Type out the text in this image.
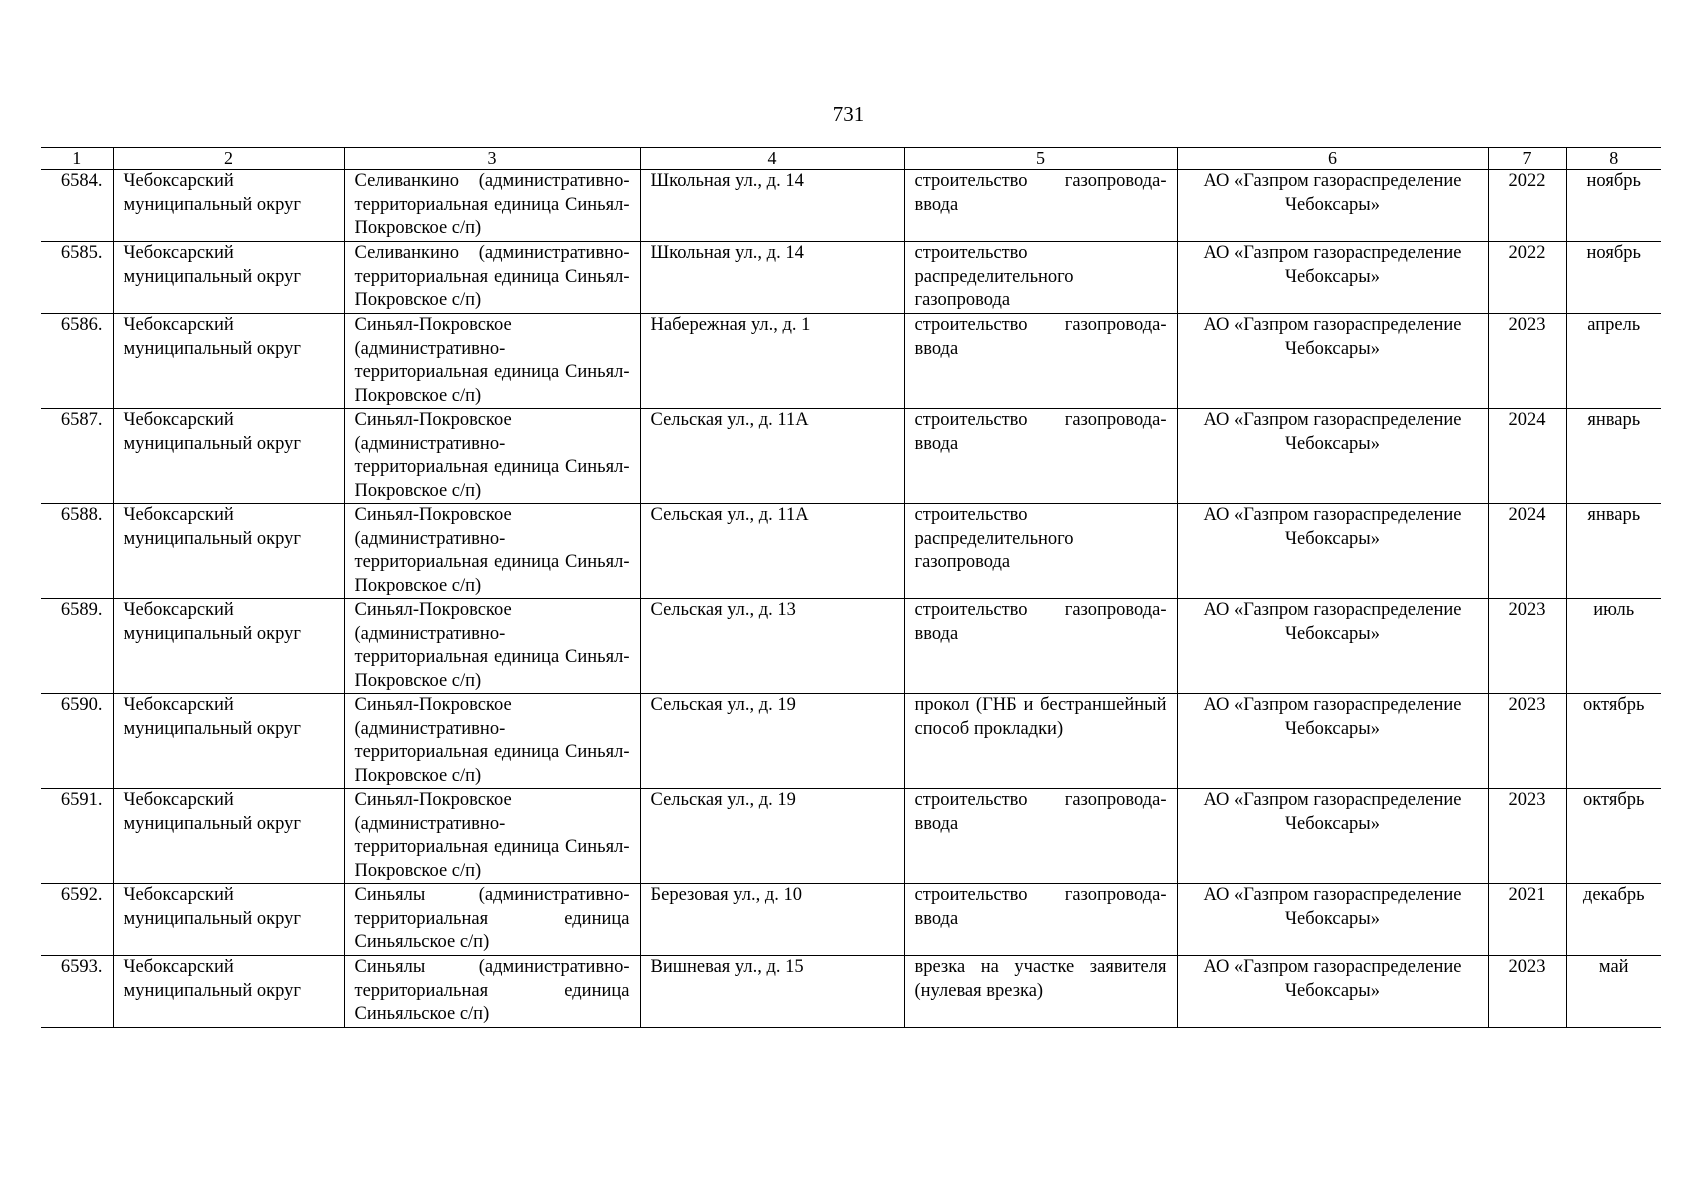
731
1	2	3	4	5	6	7	8
6584.	Чебоксарский муниципальный округ	Селиванкино (административно-территориальная единица Синьял-Покровское с/п)	Школьная ул., д. 14	строительство газопровода-ввода	АО «Газпром газораспределение Чебоксары»	2022	ноябрь
6585.	Чебоксарский муниципальный округ	Селиванкино (административно-территориальная единица Синьял-Покровское с/п)	Школьная ул., д. 14	строительство распределительного газопровода	АО «Газпром газораспределение Чебоксары»	2022	ноябрь
6586.	Чебоксарский муниципальный округ	Синьял-Покровское (административно-территориальная единица Синьял-Покровское с/п)	Набережная ул., д. 1	строительство газопровода-ввода	АО «Газпром газораспределение Чебоксары»	2023	апрель
6587.	Чебоксарский муниципальный округ	Синьял-Покровское (административно-территориальная единица Синьял-Покровское с/п)	Сельская ул., д. 11А	строительство газопровода-ввода	АО «Газпром газораспределение Чебоксары»	2024	январь
6588.	Чебоксарский муниципальный округ	Синьял-Покровское (административно-территориальная единица Синьял-Покровское с/п)	Сельская ул., д. 11А	строительство распределительного газопровода	АО «Газпром газораспределение Чебоксары»	2024	январь
6589.	Чебоксарский муниципальный округ	Синьял-Покровское (административно-территориальная единица Синьял-Покровское с/п)	Сельская ул., д. 13	строительство газопровода-ввода	АО «Газпром газораспределение Чебоксары»	2023	июль
6590.	Чебоксарский муниципальный округ	Синьял-Покровское (административно-территориальная единица Синьял-Покровское с/п)	Сельская ул., д. 19	прокол (ГНБ и бестраншейный способ прокладки)	АО «Газпром газораспределение Чебоксары»	2023	октябрь
6591.	Чебоксарский муниципальный округ	Синьял-Покровское (административно-территориальная единица Синьял-Покровское с/п)	Сельская ул., д. 19	строительство газопровода-ввода	АО «Газпром газораспределение Чебоксары»	2023	октябрь
6592.	Чебоксарский муниципальный округ	Синьялы (административно-территориальная единица Синьяльское с/п)	Березовая ул., д. 10	строительство газопровода-ввода	АО «Газпром газораспределение Чебоксары»	2021	декабрь
6593.	Чебоксарский муниципальный округ	Синьялы (административно-территориальная единица Синьяльское с/п)	Вишневая ул., д. 15	врезка на участке заявителя (нулевая врезка)	АО «Газпром газораспределение Чебоксары»	2023	май
